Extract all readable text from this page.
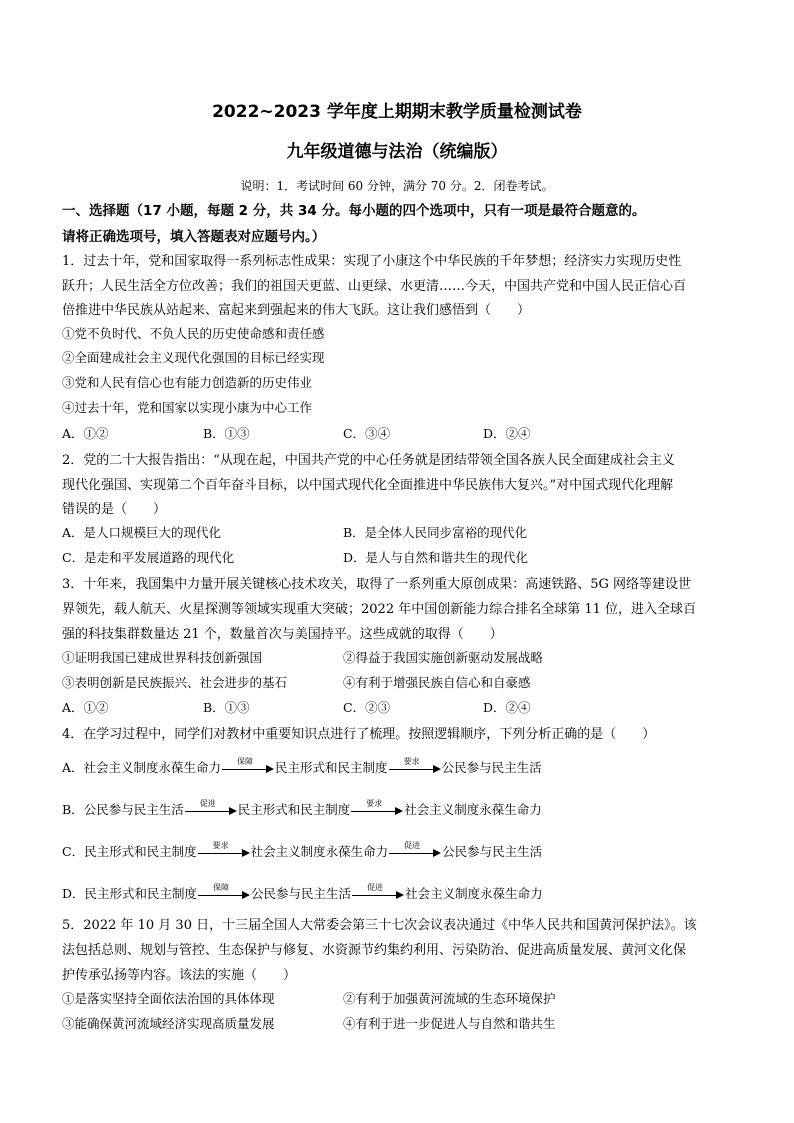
2022~2023 学年度上期期末教学质量检测试卷
九年级道德与法治（统编版）
说明：1．考试时间 60 分钟，满分 70 分。2．闭卷考试。
一、选择题（17 小题，每题 2 分，共 34 分。每小题的四个选项中，只有一项是最符合题意的。
请将正确选项号，填入答题表对应题号内。）
1．过去十年，党和国家取得一系列标志性成果：实现了小康这个中华民族的千年梦想；经济实力实现历史性
跃升；人民生活全方位改善；我们的祖国天更蓝、山更绿、水更清……今天，中国共产党和中国人民正信心百
倍推进中华民族从站起来、富起来到强起来的伟大飞跃。这让我们感悟到（　　）
①党不负时代、不负人民的历史使命感和责任感
②全面建成社会主义现代化强国的目标已经实现
③党和人民有信心也有能力创造新的历史伟业
④过去十年，党和国家以实现小康为中心工作
A．①②	B．①③	C．③④	D．②④
2．党的二十大报告指出：“从现在起，中国共产党的中心任务就是团结带领全国各族人民全面建成社会主义
现代化强国、实现第二个百年奋斗目标，以中国式现代化全面推进中华民族伟大复兴。”对中国式现代化理解
错误的是（　　）
A．是人口规模巨大的现代化	B．是全体人民同步富裕的现代化
C．是走和平发展道路的现代化	D．是人与自然和谐共生的现代化
3．十年来，我国集中力量开展关键核心技术攻关，取得了一系列重大原创成果：高速铁路、5G 网络等建设世
界领先，载人航天、火星探测等领域实现重大突破；2022 年中国创新能力综合排名全球第 11 位，进入全球百
强的科技集群数量达 21 个，数量首次与美国持平。这些成就的取得（　　）
①证明我国已建成世界科技创新强国	②得益于我国实施创新驱动发展战略
③表明创新是民族振兴、社会进步的基石	④有利于增强民族自信心和自豪感
A．①②	B．①③	C．②③	D．②④
4．在学习过程中，同学们对教材中重要知识点进行了梳理。按照逻辑顺序，下列分析正确的是（　　）
A．社会主义制度永葆生命力	保障	民主形式和民主制度	要求	公民参与民主生活
B．公民参与民主生活	促进	民主形式和民主制度	要求	社会主义制度永葆生命力
C．民主形式和民主制度	要求	社会主义制度永葆生命力	促进	公民参与民主生活
D．民主形式和民主制度	保障	公民参与民主生活	促进	社会主义制度永葆生命力
5．2022 年 10 月 30 日，十三届全国人大常委会第三十七次会议表决通过《中华人民共和国黄河保护法》。该
法包括总则、规划与管控、生态保护与修复、水资源节约集约利用、污染防治、促进高质量发展、黄河文化保
护传承弘扬等内容。该法的实施（　　）
①是落实坚持全面依法治国的具体体现	②有利于加强黄河流域的生态环境保护
③能确保黄河流域经济实现高质量发展	④有利于进一步促进人与自然和谐共生
